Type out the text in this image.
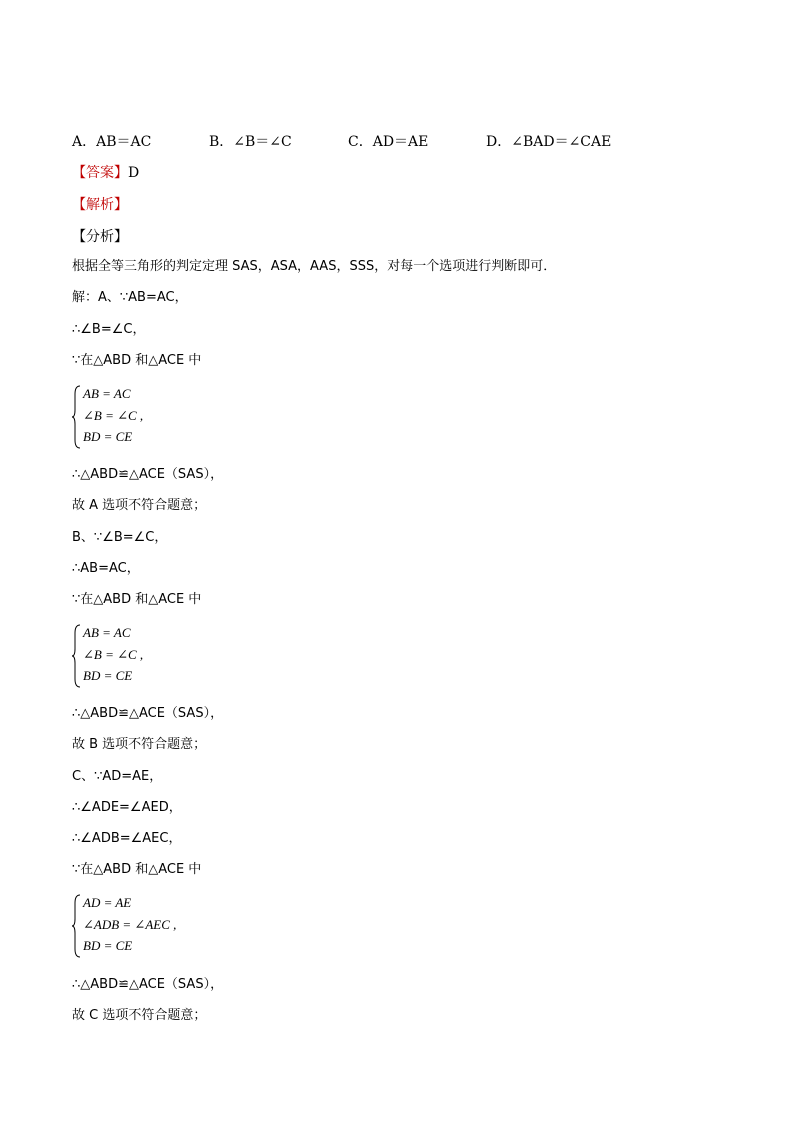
A．AB＝AC	B．∠B＝∠C	C．AD＝AE	D．∠BAD＝∠CAE
【答案】D
【解析】
【分析】
根据全等三角形的判定定理 SAS，ASA，AAS，SSS，对每一个选项进行判断即可．
解：A、∵AB=AC，
∴∠B=∠C，
∵在△ABD 和△ACE 中
AB = AC
∠B = ∠C ,
BD = CE
∴△ABD≌△ACE（SAS），
故 A 选项不符合题意；
B、∵∠B=∠C，
∴AB=AC，
∵在△ABD 和△ACE 中
AB = AC
∠B = ∠C ,
BD = CE
∴△ABD≌△ACE（SAS），
故 B 选项不符合题意；
C、∵AD=AE，
∴∠ADE=∠AED，
∴∠ADB=∠AEC，
∵在△ABD 和△ACE 中
AD = AE
∠ADB = ∠AEC ,
BD = CE
∴△ABD≌△ACE（SAS），
故 C 选项不符合题意；
